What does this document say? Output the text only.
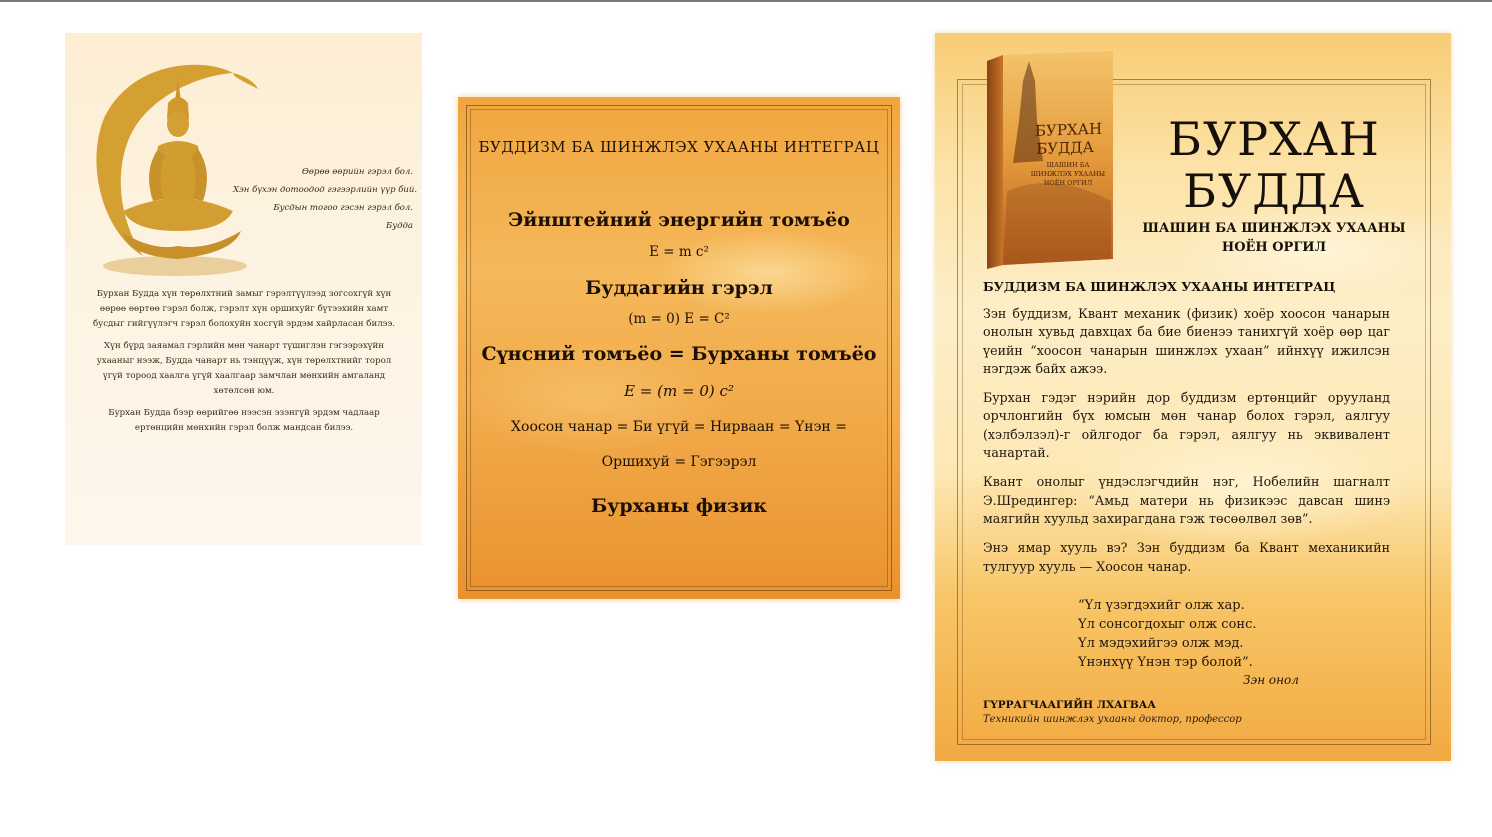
Өөрөө өөрийн гэрэл бол.
Хэн бүхэн дотоодод гэгээрлийн үүр бий.
Бусдын тогоо гэсэн гэрэл бол.
Будда

Бурхан Будда хүн төрөлхтний замыг гэрэлтүүлээд зогсохгүй хүн өөрөө өөртөө гэрэл болж, гэрэлт хүн оршихуйг бүтээхийн хамт бусдыг гийгүүлэгч гэрэл болохуйн хосгүй эрдэм хайрласан билээ.

Хүн бүрд заяамал гэрлийн мөн чанарт түшиглэн гэгээрэхүйн ухааныг нээж, Будда чанарт нь тэнцүүж, хүн төрөлхтнийг торол үгүй тороод хаалга үгүй хаалгаар замчлан мөнхийн амгаланд хөтөлсөн юм.

Бурхан Будда бээр өөрийгөө нээсэн эзэнгүй эрдэм чадлаар ертөнцийн мөнхийн гэрэл болж мандсан билээ.

БУДДИЗМ БА ШИНЖЛЭХ УХААНЫ ИНТЕГРАЦ
Эйнштейний энергийн томъёо
E = m c²
Буддагийн гэрэл
(m = 0) E = C²
Сүнсний томъёо = Бурханы томъёо
E = (m = 0) c²
Хоосон чанар = Би үгүй = Нирваан = Үнэн =
Оршихуй = Гэгээрэл
Бурханы физик
БУРХАН
БУДДА
ШАШИН БА ШИНЖЛЭХ УХААНЫ НОЁН ОРГИЛ
БУРХАН
БУДДА
ШАШИН БА ШИНЖЛЭХ УХААНЫ
НОЁН ОРГИЛ
БУДДИЗМ БА ШИНЖЛЭХ УХААНЫ ИНТЕГРАЦ

Зэн буддизм, Квант механик (физик) хоёр хоосон чанарын онолын хувьд давхцах ба бие биенээ танихгүй хоёр өөр цаг үеийн “хоосон чанарын шинжлэх ухаан” ийнхүү ижилсэн нэгдэж байх ажээ.

Бурхан гэдэг нэрийн дор буддизм ертөнцийг орууланд орчлонгийн бүх юмсын мөн чанар болох гэрэл, аялгуу (хэлбэлзэл)-г ойлгодог ба гэрэл, аялгуу нь эквивалент чанартай.

Квант онолыг үндэслэгчдийн нэг, Нобелийн шагналт Э.Шредингер: “Амьд матери нь физикээс давсан шинэ маягийн хуульд захирагдана гэж төсөөлвөл зөв”.

Энэ ямар хууль вэ? Зэн буддизм ба Квант механикийн тулгуур хууль — Хоосон чанар.

“Үл үзэгдэхийг олж хар.
Үл сонсогдохыг олж сонс.
Үл мэдэхийгээ олж мэд.
Үнэнхүү Үнэн тэр болой”.
Зэн онол
ГҮРРАГЧААГИЙН ЛХАГВАА
Техникийн шинжлэх ухааны доктор, профессор
